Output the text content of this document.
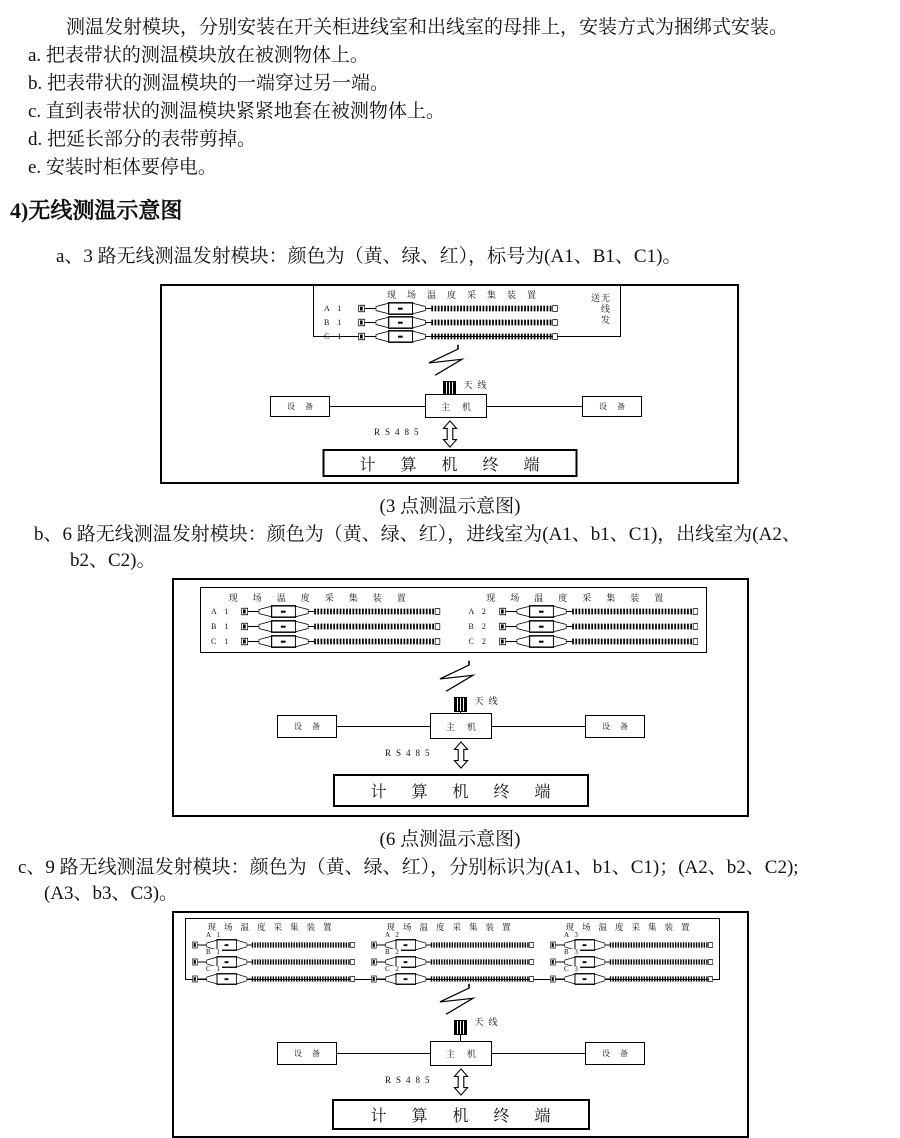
测温发射模块，分别安装在开关柜进线室和出线室的母排上，安装方式为捆绑式安装。

a. 把表带状的测温模块放在被测物体上。
b. 把表带状的测温模块的一端穿过另一端。
c. 直到表带状的测温模块紧紧地套在被测物体上。
d. 把延长部分的表带剪掉。
e. 安装时柜体要停电。
4)无线测温示意图
a、3 路无线测温发射模块：颜色为（黄、绿、红），标号为(A1、B1、C1)。
现场温度采集装置
A 1
B 1
C 1
无线发送
天线
设备	主机	设备
RS485
计算机终端
(3 点测温示意图)
b、6 路无线测温发射模块：颜色为（黄、绿、红），进线室为(A1、b1、C1)，出线室为(A2、
b2、C2)。
现场温度采集装置
A 1
B 1
C 1
现场温度采集装置
A 2
B 2
C 2
天线
设备	主机	设备
RS485
计算机终端
(6 点测温示意图)
c、9 路无线测温发射模块：颜色为（黄、绿、红），分别标识为(A1、b1、C1)；(A2、b2、C2);
(A3、b3、C3)。
现场温度采集装置
A 1
B 1
C 1
现场温度采集装置
A 2
B 2
C 2
现场温度采集装置
A 3
B 3
C 3
天线
设备	主机	设备
RS485
计算机终端
